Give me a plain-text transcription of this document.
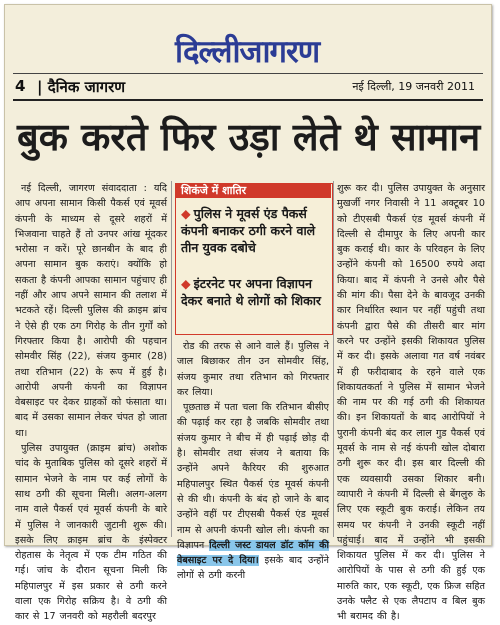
दिल्लीजागरण
4 | दैनिक जागरण	नई दिल्ली, 19 जनवरी 2011
बुक करते फिर उड़ा लेते थे सामान

नई दिल्ली, जागरण संवाददाता : यदि आप अपना सामान किसी पैकर्स एवं मूवर्स कंपनी के माध्यम से दूसरे शहरों में भिजवाना चाहते हैं तो उनपर आंख मूंदकर भरोसा न करें। पूरे छानबीन के बाद ही अपना सामान बुक कराएं। क्योंकि हो सकता है कंपनी आपका सामान पहुंचाए ही नहीं और आप अपने सामान की तलाश में भटकते रहें। दिल्ली पुलिस की क्राइम ब्रांच ने ऐसे ही एक ठग गिरोह के तीन गुर्गों को गिरफ्तार किया है। आरोपी की पहचान सोमवीर सिंह (22), संजय कुमार (28) तथा रतिभान (22) के रूप में हुई है। आरोपी अपनी कंपनी का विज्ञापन वेबसाइट पर देकर ग्राहकों को फंसाता था। बाद में उसका सामान लेकर चंपत हो जाता था।

पुलिस उपायुक्त (क्राइम ब्रांच) अशोक चांद के मुताबिक पुलिस को दूसरे शहरों में सामान भेजने के नाम पर कई लोगों के साथ ठगी की सूचना मिली। अलग-अलग नाम वाले पैकर्स एवं मूवर्स कंपनी के बारे में पुलिस ने जानकारी जुटानी शुरू की। इसके लिए क्राइम ब्रांच के इंस्पेक्टर रोहतास के नेतृत्व में एक टीम गठित की गई। जांच के दौरान सूचना मिली कि महिपालपुर में इस प्रकार से ठगी करने वाला एक गिरोह सक्रिय है। वे ठगी की कार से 17 जनवरी को महरौली बदरपुर

शिकंजे में शातिर
◆ पुलिस ने मूवर्स एंड पैकर्स कंपनी बनाकर ठगी करने वाले तीन युवक दबोचे
◆ इंटरनेट पर अपना विज्ञापन देकर बनाते थे लोगों को शिकार

रोड की तरफ से आने वाले हैं। पुलिस ने जाल बिछाकर तीन उन सोमवीर सिंह, संजय कुमार तथा रतिभान को गिरफ्तार कर लिया।

पूछताछ में पता चला कि रतिभान बीसीए की पढ़ाई कर रहा है जबकि सोमवीर तथा संजय कुमार ने बीच में ही पढ़ाई छोड़ दी है। सोमवीर तथा संजय ने बताया कि उन्होंने अपने कैरियर की शुरुआत महिपालपुर स्थित पैकर्स एंड मूवर्स कंपनी से की थी। कंपनी के बंद हो जाने के बाद उन्होंने वहीं पर टीएसबी पैकर्स एंड मूवर्स नाम से अपनी कंपनी खोल ली। कंपनी का विज्ञापन दिल्ली जस्ट डायल डॉट कॉम की वेबसाइट पर दे दिया। इसके बाद उन्होंने लोगों से ठगी करनी

शुरू कर दी। पुलिस उपायुक्त के अनुसार मुखर्जी नगर निवासी ने 11 अक्टूबर 10 को टीएसबी पैकर्स एंड मूवर्स कंपनी में दिल्ली से दीमापुर के लिए अपनी कार बुक कराई थी। कार के परिवहन के लिए उन्होंने कंपनी को 16500 रुपये अदा किया। बाद में कंपनी ने उनसे और पैसे की मांग की। पैसा देने के बावजूद उनकी कार निर्धारित स्थान पर नहीं पहुंची तथा कंपनी द्वारा पैसे की तीसरी बार मांग करने पर उन्होंने इसकी शिकायत पुलिस में कर दी। इसके अलावा गत वर्ष नवंबर में ही फरीदाबाद के रहने वाले एक शिकायतकर्ता ने पुलिस में सामान भेजने की नाम पर की गई ठगी की शिकायत की। इन शिकायतों के बाद आरोपियों ने पुरानी कंपनी बंद कर लाल गुड पैकर्स एवं मूवर्स के नाम से नई कंपनी खोल दोबारा ठगी शुरू कर दी। इस बार दिल्ली की एक व्यवसायी उसका शिकार बनी। व्यापारी ने कंपनी में दिल्ली से बेंगलुरु के लिए एक स्कूटी बुक कराई। लेकिन तय समय पर कंपनी ने उनकी स्कूटी नहीं पहुंचाई। बाद में उन्होंने भी इसकी शिकायत पुलिस में कर दी। पुलिस ने आरोपियों के पास से ठगी की हुई एक मारुति कार, एक स्कूटी, एक फ्रिज सहित उनके फ्लैट से एक लैपटाप व बिल बुक भी बरामद की है।
